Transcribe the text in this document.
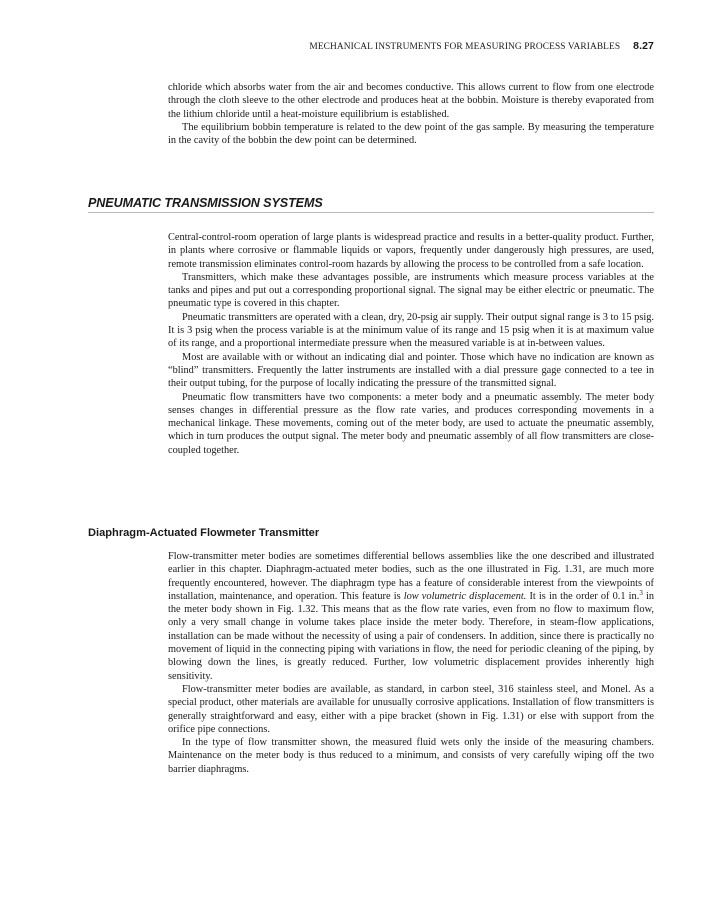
MECHANICAL INSTRUMENTS FOR MEASURING PROCESS VARIABLES 8.27

chloride which absorbs water from the air and becomes conductive. This allows current to flow from one electrode through the cloth sleeve to the other electrode and produces heat at the bobbin. Moisture is thereby evaporated from the lithium chloride until a heat-moisture equilibrium is established.

The equilibrium bobbin temperature is related to the dew point of the gas sample. By measuring the temperature in the cavity of the bobbin the dew point can be determined.

PNEUMATIC TRANSMISSION SYSTEMS

Central-control-room operation of large plants is widespread practice and results in a better-quality product. Further, in plants where corrosive or flammable liquids or vapors, frequently under dangerously high pressures, are used, remote transmission eliminates control-room hazards by allowing the process to be controlled from a safe location.

Transmitters, which make these advantages possible, are instruments which measure process variables at the tanks and pipes and put out a corresponding proportional signal. The signal may be either electric or pneumatic. The pneumatic type is covered in this chapter.

Pneumatic transmitters are operated with a clean, dry, 20-psig air supply. Their output signal range is 3 to 15 psig. It is 3 psig when the process variable is at the minimum value of its range and 15 psig when it is at maximum value of its range, and a proportional intermediate pressure when the measured variable is at in-between values.

Most are available with or without an indicating dial and pointer. Those which have no indication are known as “blind” transmitters. Frequently the latter instruments are installed with a dial pressure gage connected to a tee in their output tubing, for the purpose of locally indicating the pressure of the transmitted signal.

Pneumatic flow transmitters have two components: a meter body and a pneumatic assembly. The meter body senses changes in differential pressure as the flow rate varies, and produces corresponding movements in a mechanical linkage. These movements, coming out of the meter body, are used to actuate the pneumatic assembly, which in turn produces the output signal. The meter body and pneumatic assembly of all flow transmitters are close-coupled together.

Diaphragm-Actuated Flowmeter Transmitter

Flow-transmitter meter bodies are sometimes differential bellows assemblies like the one described and illustrated earlier in this chapter. Diaphragm-actuated meter bodies, such as the one illustrated in Fig. 1.31, are much more frequently encountered, however. The diaphragm type has a feature of considerable interest from the viewpoints of installation, maintenance, and operation. This feature is low volumetric displacement. It is in the order of 0.1 in.$^3$ in the meter body shown in Fig. 1.32. This means that as the flow rate varies, even from no flow to maximum flow, only a very small change in volume takes place inside the meter body. Therefore, in steam-flow applications, installation can be made without the necessity of using a pair of condensers. In addition, since there is practically no movement of liquid in the connecting piping with variations in flow, the need for periodic cleaning of the piping, by blowing down the lines, is greatly reduced. Further, low volumetric displacement provides inherently high sensitivity.

Flow-transmitter meter bodies are available, as standard, in carbon steel, 316 stainless steel, and Monel. As a special product, other materials are available for unusually corrosive applications. Installation of flow transmitters is generally straightforward and easy, either with a pipe bracket (shown in Fig. 1.31) or else with support from the orifice pipe connections.

In the type of flow transmitter shown, the measured fluid wets only the inside of the measuring chambers. Maintenance on the meter body is thus reduced to a minimum, and consists of very carefully wiping off the two barrier diaphragms.
